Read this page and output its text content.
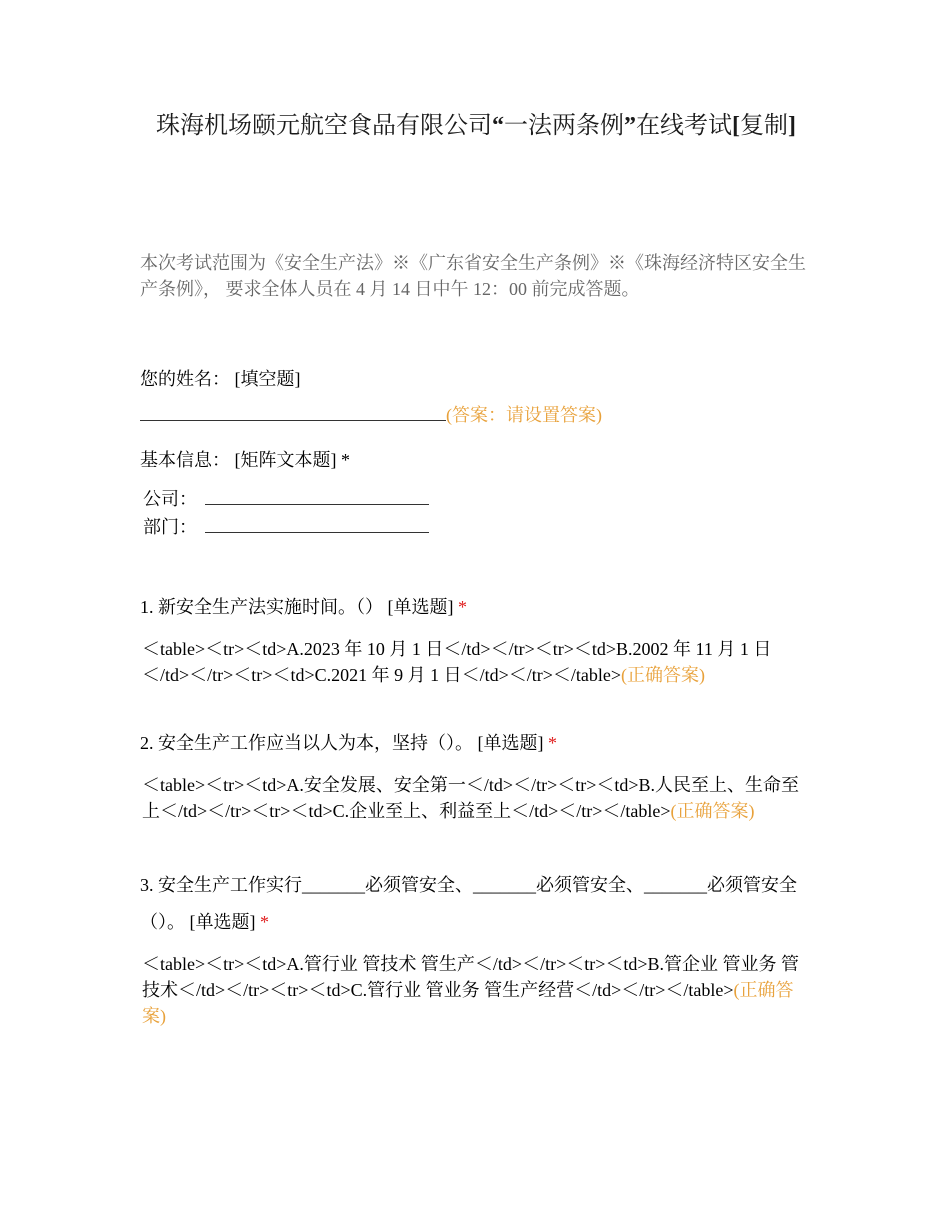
珠海机场颐元航空食品有限公司“一法两条例”在线考试[复制]
本次考试范围为《安全生产法》※《广东省安全生产条例》※《珠海经济特区安全生产条例》， 要求全体人员在 4 月 14 日中午 12：00 前完成答题。
您的姓名： [填空题]
(答案：请设置答案)
基本信息： [矩阵文本题] *
公司：
部门：
1. 新安全生产法实施时间。（） [单选题] *
＜table>＜tr>＜td>A.2023 年 10 月 1 日＜/td>＜/tr>＜tr>＜td>B.2002 年 11 月 1 日＜/td>＜/tr>＜tr>＜td>C.2021 年 9 月 1 日＜/td>＜/tr>＜/table>(正确答案)
2. 安全生产工作应当以人为本，坚持（）。 [单选题] *
＜table>＜tr>＜td>A.安全发展、安全第一＜/td>＜/tr>＜tr>＜td>B.人民至上、生命至上＜/td>＜/tr>＜tr>＜td>C.企业至上、利益至上＜/td>＜/tr>＜/table>(正确答案)
3. 安全生产工作实行_______必须管安全、_______必须管安全、_______必须管安全（）。 [单选题] *
＜table>＜tr>＜td>A.管行业 管技术 管生产＜/td>＜/tr>＜tr>＜td>B.管企业 管业务 管技术＜/td>＜/tr>＜tr>＜td>C.管行业 管业务 管生产经营＜/td>＜/tr>＜/table>(正确答案)
